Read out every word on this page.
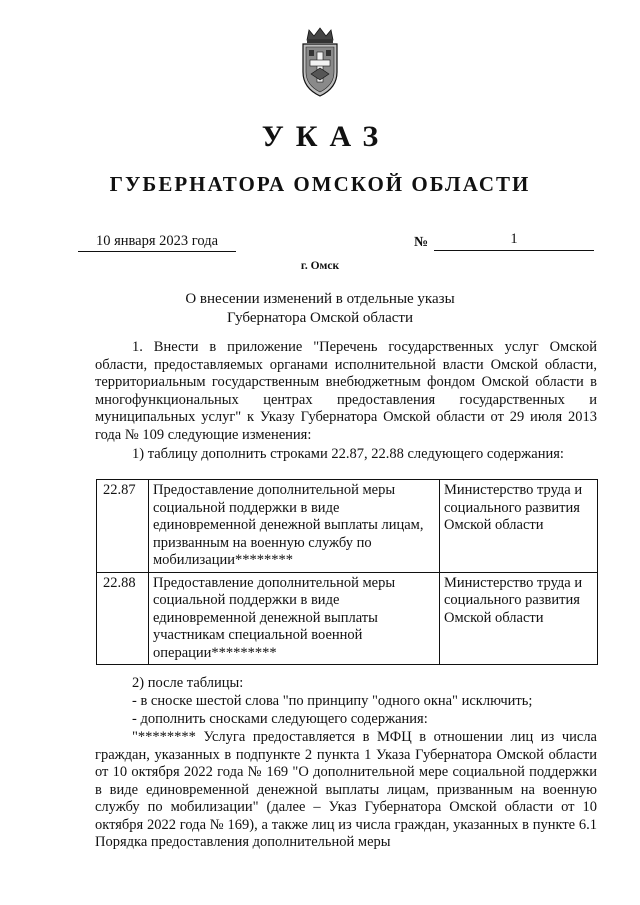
УКАЗ
ГУБЕРНАТОРА ОМСКОЙ ОБЛАСТИ
10 января 2023 года	№	1
г. Омск
О внесении изменений в отдельные указы Губернатора Омской области
1. Внести в приложение "Перечень государственных услуг Омской области, предоставляемых органами исполнительной власти Омской области, территориальным государственным внебюджетным фондом Омской области в многофункциональных центрах предоставления государственных и муниципальных услуг" к Указу Губернатора Омской области от 29 июля 2013 года № 109 следующие изменения:
1) таблицу дополнить строками 22.87, 22.88 следующего содержания:
22.87	Предоставление дополнительной меры социальной поддержки в виде единовременной денежной выплаты лицам, призванным на военную службу по мобилизации********	Министерство труда и социального развития Омской области
22.88	Предоставление дополнительной меры социальной поддержки в виде единовременной денежной выплаты участникам специальной военной операции*********	Министерство труда и социального развития Омской области
2) после таблицы:
- в сноске шестой слова "по принципу "одного окна" исключить;
- дополнить сносками следующего содержания:
"******** Услуга предоставляется в МФЦ в отношении лиц из числа граждан, указанных в подпункте 2 пункта 1 Указа Губернатора Омской области от 10 октября 2022 года № 169 "О дополнительной мере социальной поддержки в виде единовременной денежной выплаты лицам, призванным на военную службу по мобилизации" (далее – Указ Губернатора Омской области от 10 октября 2022 года № 169), а также лиц из числа граждан, указанных в пункте 6.1 Порядка предоставления дополнительной меры
